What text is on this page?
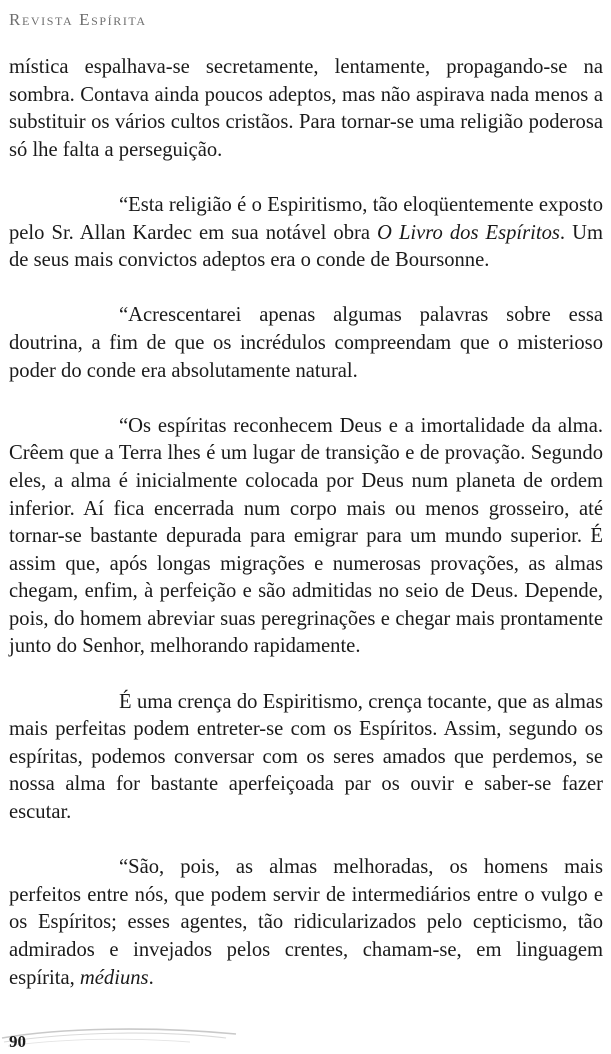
Revista Espírita

mística espalhava-se secretamente, lentamente, propagando-se na sombra. Contava ainda poucos adeptos, mas não aspirava nada menos a substituir os vários cultos cristãos. Para tornar-se uma religião poderosa só lhe falta a perseguição.

“Esta religião é o Espiritismo, tão eloqüentemente exposto pelo Sr. Allan Kardec em sua notável obra O Livro dos Espíritos. Um de seus mais convictos adeptos era o conde de Boursonne.

“Acrescentarei apenas algumas palavras sobre essa doutrina, a fim de que os incrédulos compreendam que o misterioso poder do conde era absolutamente natural.

“Os espíritas reconhecem Deus e a imortalidade da alma. Crêem que a Terra lhes é um lugar de transição e de provação. Segundo eles, a alma é inicialmente colocada por Deus num planeta de ordem inferior. Aí fica encerrada num corpo mais ou menos grosseiro, até tornar-se bastante depurada para emigrar para um mundo superior. É assim que, após longas migrações e numerosas provações, as almas chegam, enfim, à perfeição e são admitidas no seio de Deus. Depende, pois, do homem abreviar suas peregrinações e chegar mais prontamente junto do Senhor, melhorando rapidamente.

É uma crença do Espiritismo, crença tocante, que as almas mais perfeitas podem entreter-se com os Espíritos. Assim, segundo os espíritas, podemos conversar com os seres amados que perdemos, se nossa alma for bastante aperfeiçoada par os ouvir e saber-se fazer escutar.

“São, pois, as almas melhoradas, os homens mais perfeitos entre nós, que podem servir de intermediários entre o vulgo e os Espíritos; esses agentes, tão ridicularizados pelo cepticismo, tão admirados e invejados pelos crentes, chamam-se, em linguagem espírita, médiuns.

90
